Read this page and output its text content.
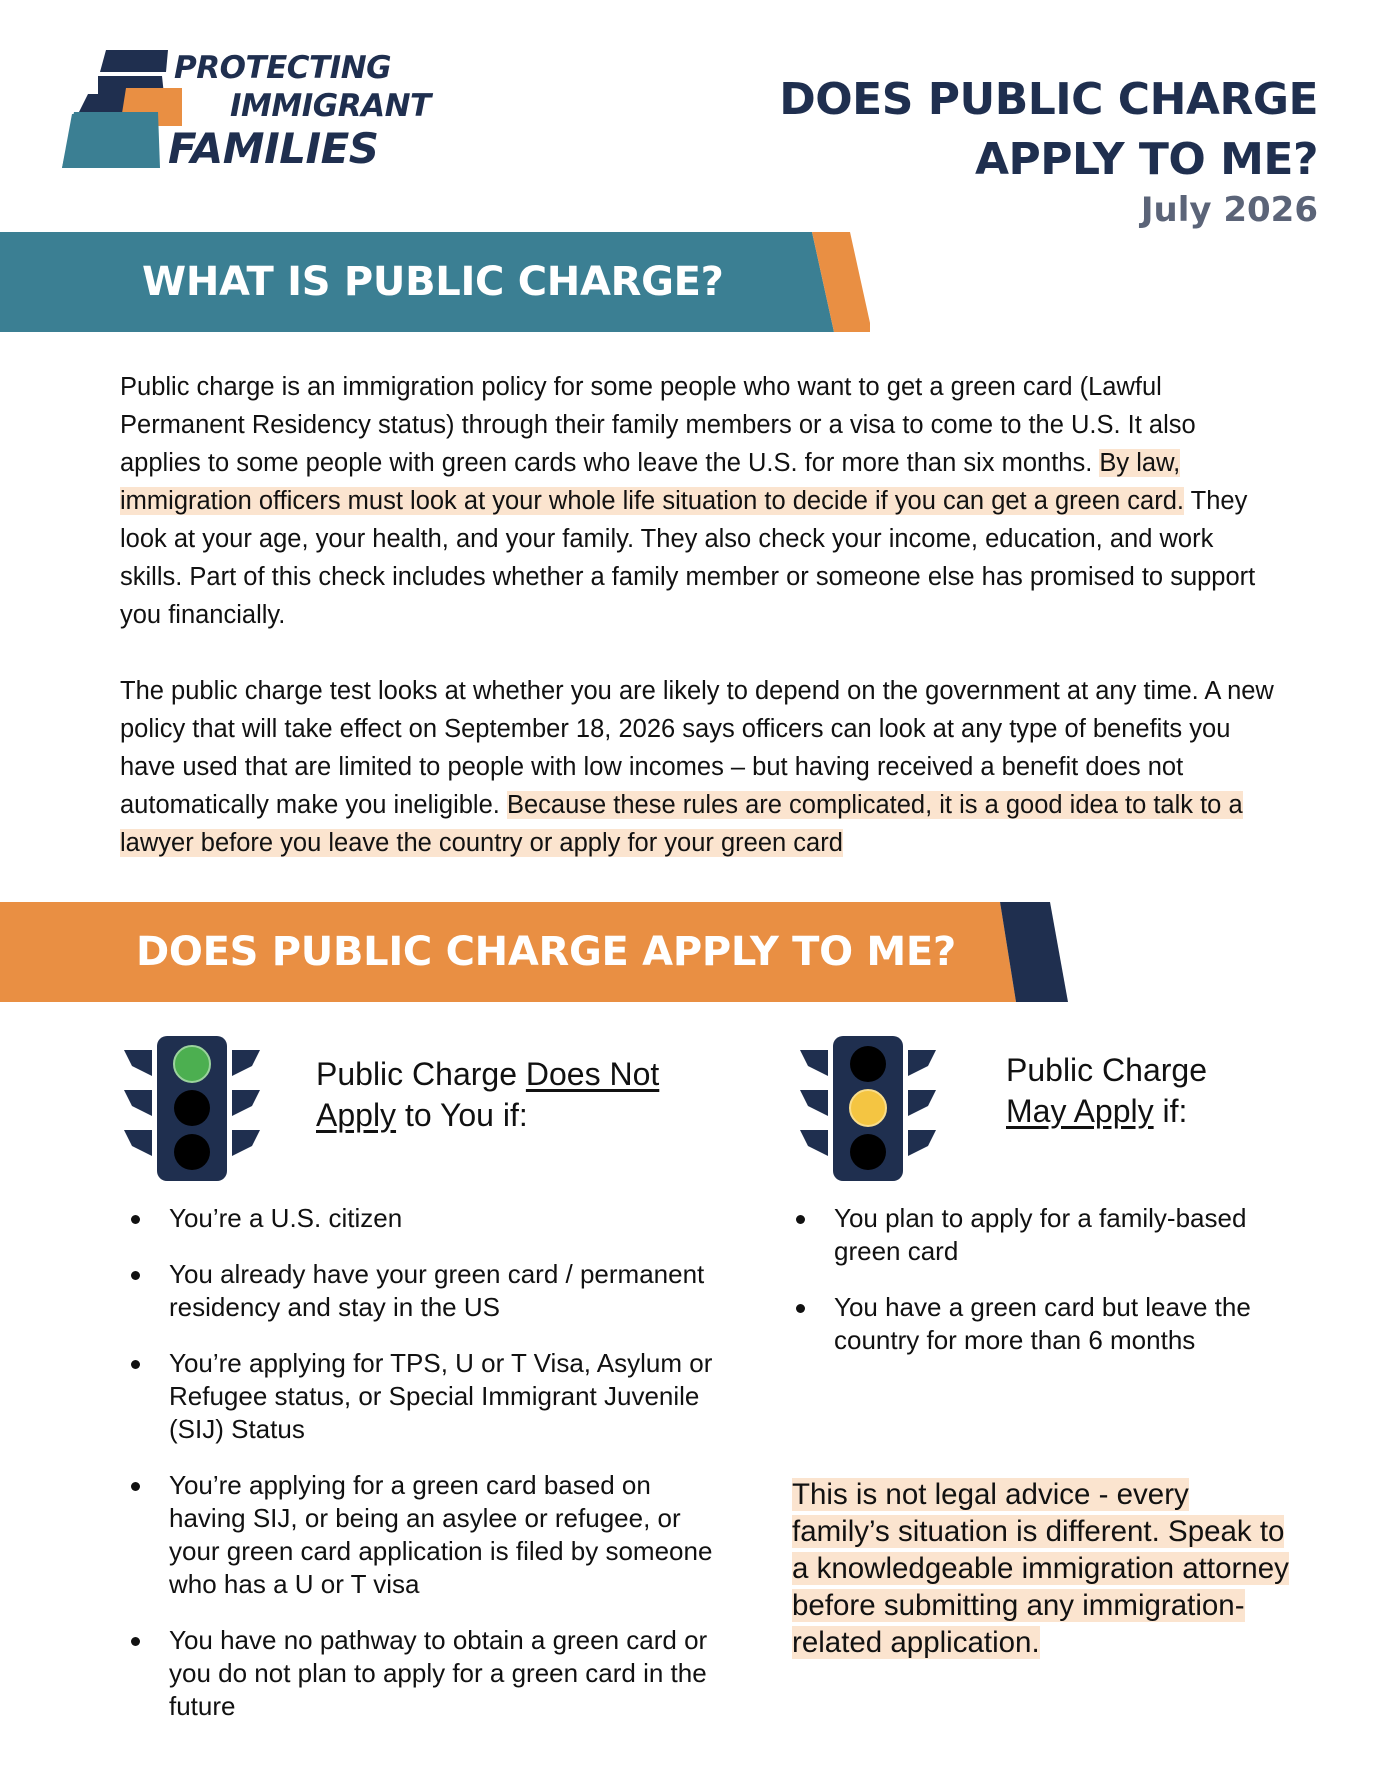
PROTECTING
IMMIGRANT
FAMILIES
DOES PUBLIC CHARGE
APPLY TO ME?
July 2026
WHAT IS PUBLIC CHARGE?
Public charge is an immigration policy for some people who want to get a green card (Lawful Permanent Residency status) through their family members or a visa to come to the U.S. It also applies to some people with green cards who leave the U.S. for more than six months. By law, immigration officers must look at your whole life situation to decide if you can get a green card. They look at your age, your health, and your family. They also check your income, education, and work skills. Part of this check includes whether a family member or someone else has promised to support you financially.
The public charge test looks at whether you are likely to depend on the government at any time. A new policy that will take effect on September 18, 2026 says officers can look at any type of benefits you have used that are limited to people with low incomes – but having received a benefit does not automatically make you ineligible. Because these rules are complicated, it is a good idea to talk to a lawyer before you leave the country or apply for your green card
DOES PUBLIC CHARGE APPLY TO ME?
Public Charge Does Not Apply to You if:
Public Charge
May Apply if:
You’re a U.S. citizen
You already have your green card / permanent residency and stay in the US
You’re applying for TPS, U or T Visa, Asylum or Refugee status, or Special Immigrant Juvenile (SIJ) Status
You’re applying for a green card based on having SIJ, or being an asylee or refugee, or your green card application is filed by someone who has a U or T visa
You have no pathway to obtain a green card or you do not plan to apply for a green card in the future
You plan to apply for a family-based green card
You have a green card but leave the country for more than 6 months
This is not legal advice - every family’s situation is different. Speak to a knowledgeable immigration attorney before submitting any immigration-related application.
